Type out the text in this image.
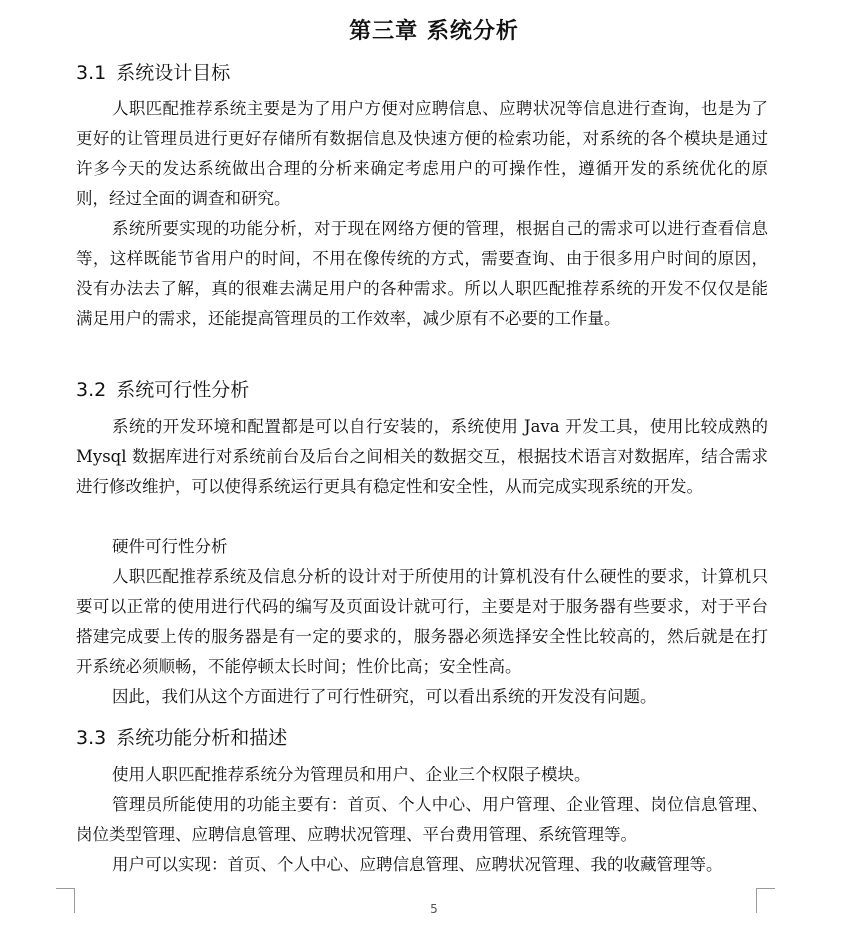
第三章 系统分析
3.1 系统设计目标

人职匹配推荐系统主要是为了用户方便对应聘信息、应聘状况等信息进行查询，也是为了更好的让管理员进行更好存储所有数据信息及快速方便的检索功能，对系统的各个模块是通过许多今天的发达系统做出合理的分析来确定考虑用户的可操作性，遵循开发的系统优化的原则，经过全面的调查和研究。

系统所要实现的功能分析，对于现在网络方便的管理，根据自己的需求可以进行查看信息等，这样既能节省用户的时间，不用在像传统的方式，需要查询、由于很多用户时间的原因，没有办法去了解，真的很难去满足用户的各种需求。所以人职匹配推荐系统的开发不仅仅是能满足用户的需求，还能提高管理员的工作效率，减少原有不必要的工作量。

3.2 系统可行性分析

系统的开发环境和配置都是可以自行安装的，系统使用 Java 开发工具，使用比较成熟的 Mysql 数据库进行对系统前台及后台之间相关的数据交互，根据技术语言对数据库，结合需求进行修改维护，可以使得系统运行更具有稳定性和安全性，从而完成实现系统的开发。

硬件可行性分析

人职匹配推荐系统及信息分析的设计对于所使用的计算机没有什么硬性的要求，计算机只要可以正常的使用进行代码的编写及页面设计就可行，主要是对于服务器有些要求，对于平台搭建完成要上传的服务器是有一定的要求的，服务器必须选择安全性比较高的，然后就是在打开系统必须顺畅，不能停顿太长时间；性价比高；安全性高。

因此，我们从这个方面进行了可行性研究，可以看出系统的开发没有问题。

3.3 系统功能分析和描述

使用人职匹配推荐系统分为管理员和用户、企业三个权限子模块。

管理员所能使用的功能主要有：首页、个人中心、用户管理、企业管理、岗位信息管理、岗位类型管理、应聘信息管理、应聘状况管理、平台费用管理、系统管理等。

用户可以实现：首页、个人中心、应聘信息管理、应聘状况管理、我的收藏管理等。

5
